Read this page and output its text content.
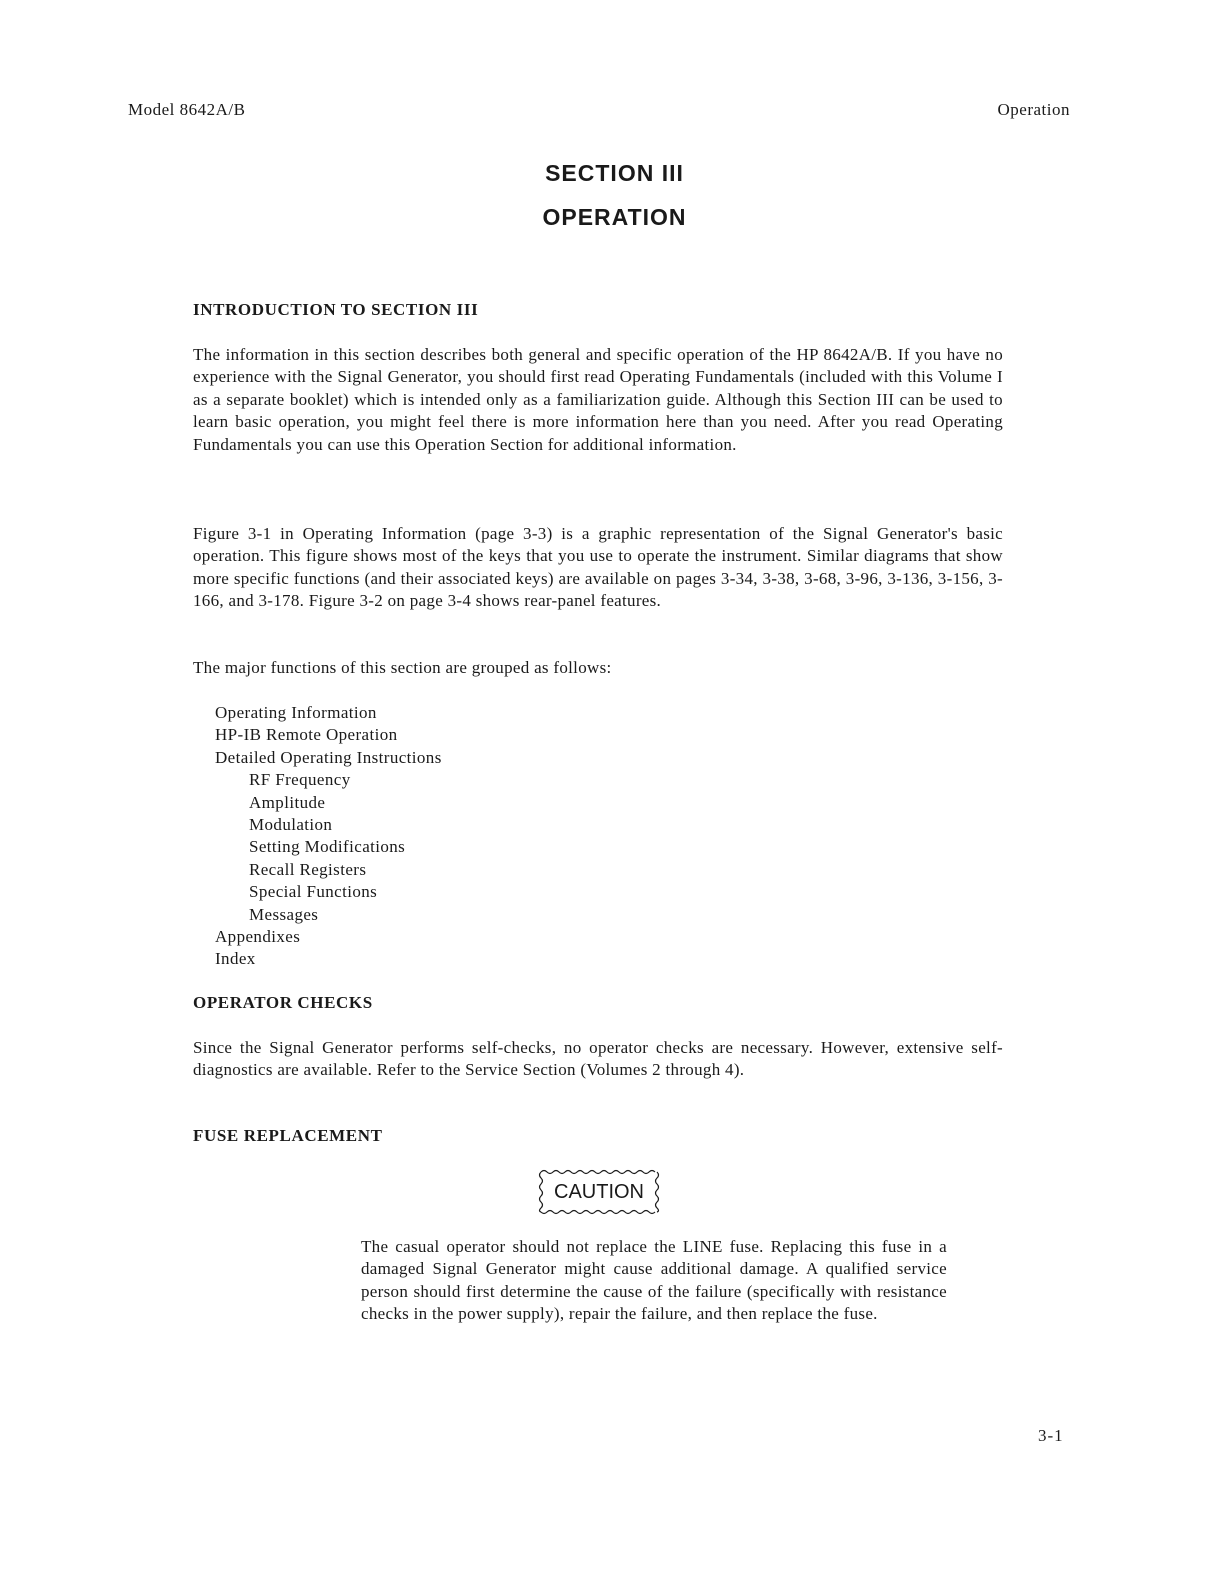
Model 8642A/B	Operation
SECTION III
OPERATION
INTRODUCTION TO SECTION III

The information in this section describes both general and specific operation of the HP 8642A/B. If you have no experience with the Signal Generator, you should first read Operating Fundamentals (included with this Volume I as a separate booklet) which is intended only as a familiarization guide. Although this Section III can be used to learn basic operation, you might feel there is more information here than you need. After you read Operating Fundamentals you can use this Operation Section for additional information.

Figure 3-1 in Operating Information (page 3-3) is a graphic representation of the Signal Generator's basic operation. This figure shows most of the keys that you use to operate the instrument. Similar diagrams that show more specific functions (and their associated keys) are available on pages 3-34, 3-38, 3-68, 3-96, 3-136, 3-156, 3-166, and 3-178. Figure 3-2 on page 3-4 shows rear-panel features.

The major functions of this section are grouped as follows:

Operating Information
HP-IB Remote Operation
Detailed Operating Instructions
RF Frequency
Amplitude
Modulation
Setting Modifications
Recall Registers
Special Functions
Messages
Appendixes
Index
OPERATOR CHECKS

Since the Signal Generator performs self-checks, no operator checks are necessary. However, extensive self-diagnostics are available. Refer to the Service Section (Volumes 2 through 4).

FUSE REPLACEMENT
CAUTION

The casual operator should not replace the LINE fuse. Replacing this fuse in a damaged Signal Generator might cause additional damage. A qualified service person should first determine the cause of the failure (specifically with resistance checks in the power supply), repair the failure, and then replace the fuse.

3-1
